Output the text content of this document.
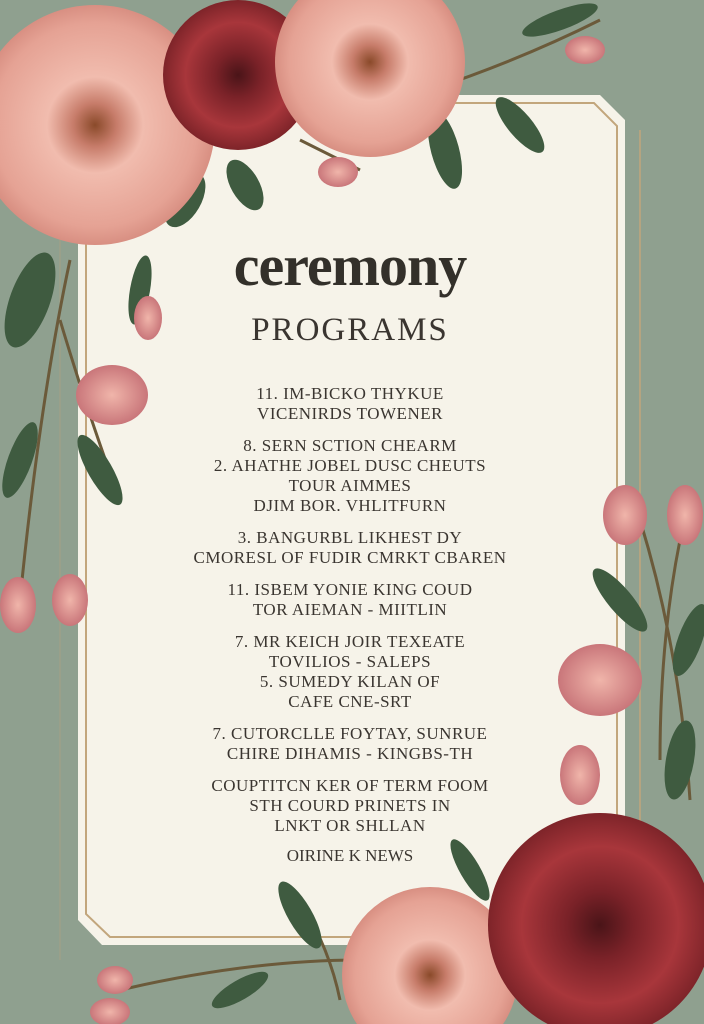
ceremony
PROGRAMS
11. IM-BICKO THYKUE
VICENIRDS TOWENER
8. SERN SCTION CHEARM
2. AHATHE JOBEL DUSC CHEUTS
TOUR AIMMES
DJIM BOR. VHLITFURN
3. BANGURBL LIKHEST DY
CMORESL OF FUDIR CMRKT CBAREN
11. ISBEM YONIE KING COUD
TOR AIEMAN - MIITLIN
7. MR KEICH JOIR TEXEATE
TOVILIOS - SALEPS
5. SUMEDY KILAN OF
CAFE CNE-SRT
7. CUTORCLLE FOYTAY, SUNRUE
CHIRE DIHAMIS - KINGBS-TH
COUPTITCN KER OF TERM FOOM
STH COURD PRINETS IN
LNKT OR SHLLAN
OIRINE K NEWS
